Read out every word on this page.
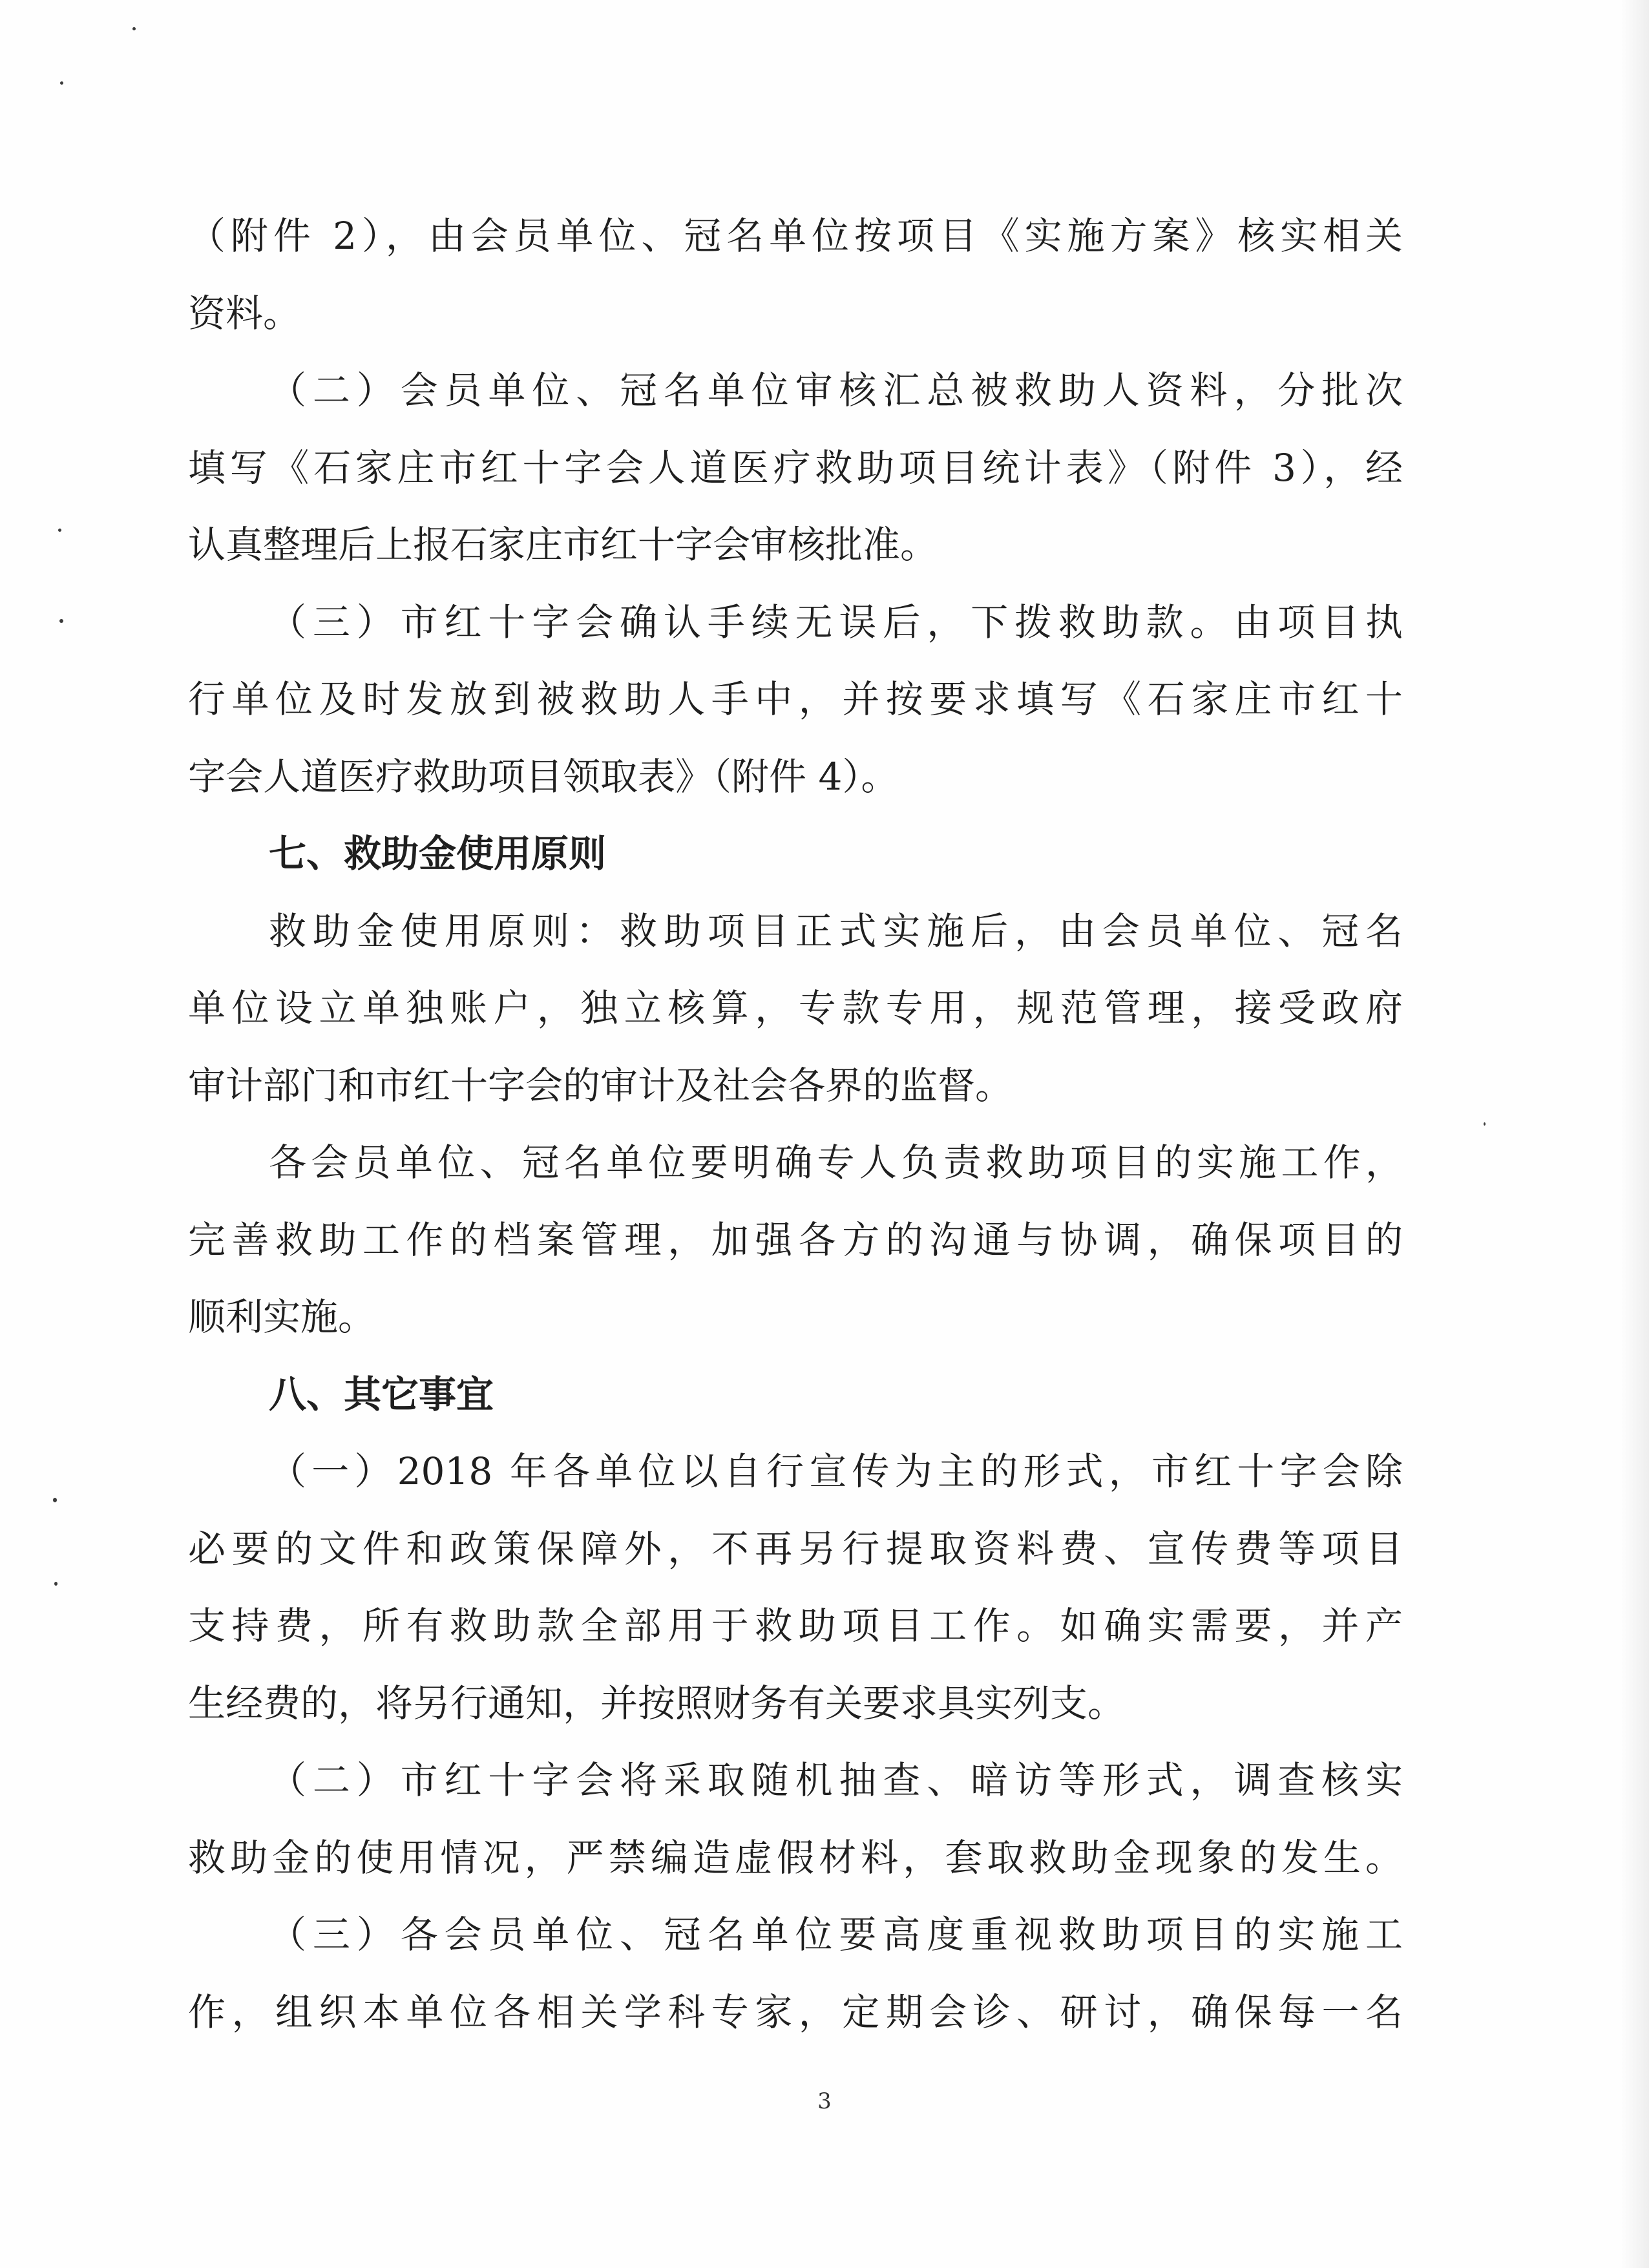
（附件 2），由会员单位、冠名单位按项目《实施方案》核实相关
资料。
（二）会员单位、冠名单位审核汇总被救助人资料，分批次
填写《石家庄市红十字会人道医疗救助项目统计表》（附件 3），经
认真整理后上报石家庄市红十字会审核批准。
（三）市红十字会确认手续无误后，下拨救助款。由项目执
行单位及时发放到被救助人手中，并按要求填写《石家庄市红十
字会人道医疗救助项目领取表》（附件 4）。
七、救助金使用原则
救助金使用原则：救助项目正式实施后，由会员单位、冠名
单位设立单独账户，独立核算，专款专用，规范管理，接受政府
审计部门和市红十字会的审计及社会各界的监督。
各会员单位、冠名单位要明确专人负责救助项目的实施工作，
完善救助工作的档案管理，加强各方的沟通与协调，确保项目的
顺利实施。
八、其它事宜
（一）2018 年各单位以自行宣传为主的形式，市红十字会除
必要的文件和政策保障外，不再另行提取资料费、宣传费等项目
支持费，所有救助款全部用于救助项目工作。如确实需要，并产
生经费的，将另行通知，并按照财务有关要求具实列支。
（二）市红十字会将采取随机抽查、暗访等形式，调查核实
救助金的使用情况，严禁编造虚假材料，套取救助金现象的发生。
（三）各会员单位、冠名单位要高度重视救助项目的实施工
作，组织本单位各相关学科专家，定期会诊、研讨，确保每一名
3
